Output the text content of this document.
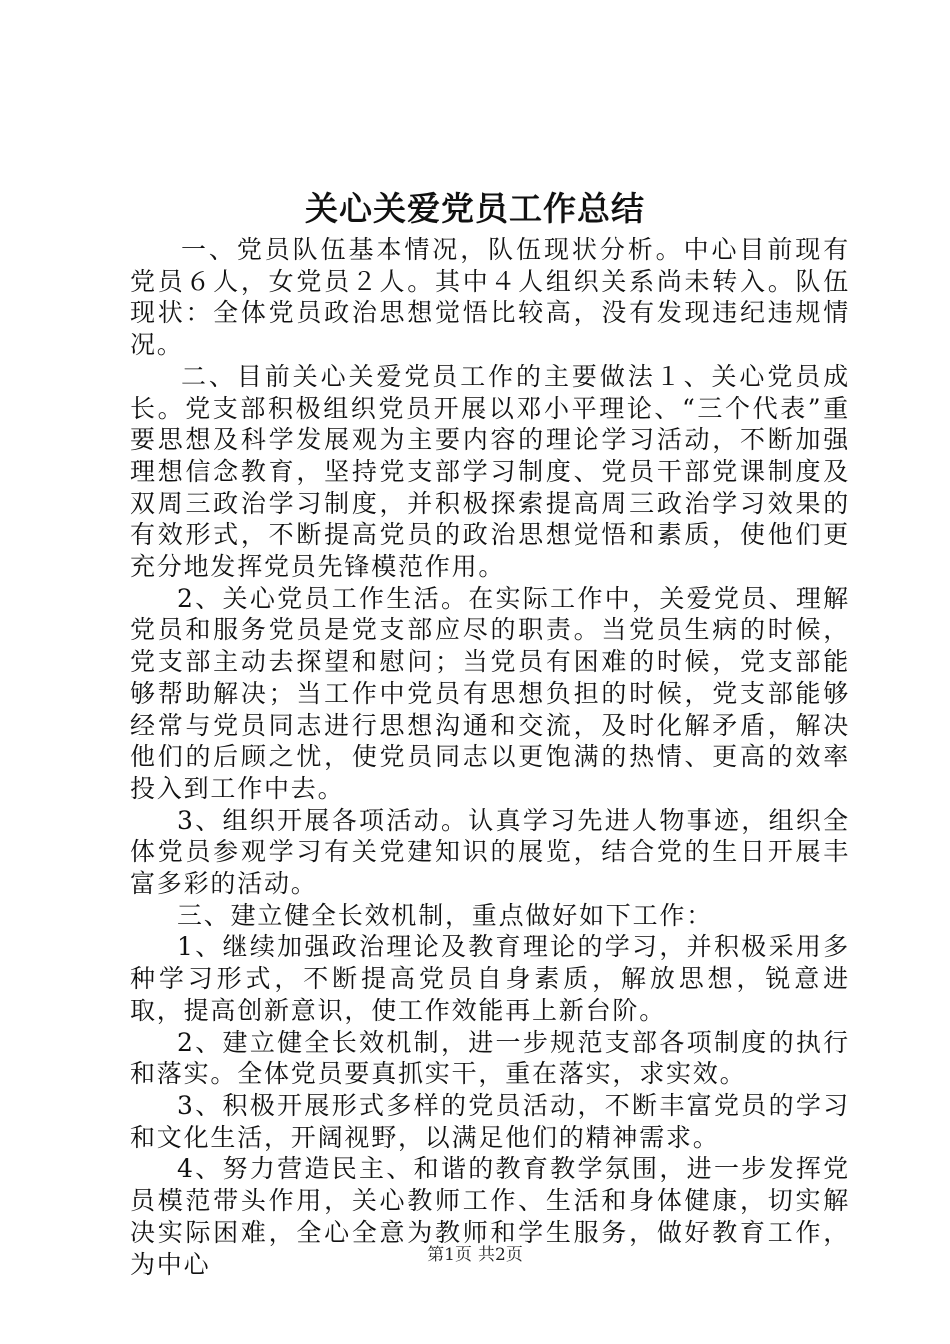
关心关爱党员工作总结

一、党员队伍基本情况，队伍现状分析。中心目前现有党员６人，女党员２人。其中４人组织关系尚未转入。队伍现状：全体党员政治思想觉悟比较高，没有发现违纪违规情况。

二、目前关心关爱党员工作的主要做法１、关心党员成长。党支部积极组织党员开展以邓小平理论、“三个代表”重要思想及科学发展观为主要内容的理论学习活动，不断加强理想信念教育，坚持党支部学习制度、党员干部党课制度及双周三政治学习制度，并积极探索提高周三政治学习效果的有效形式，不断提高党员的政治思想觉悟和素质，使他们更充分地发挥党员先锋模范作用。

2、关心党员工作生活。在实际工作中，关爱党员、理解党员和服务党员是党支部应尽的职责。当党员生病的时候，党支部主动去探望和慰问；当党员有困难的时候，党支部能够帮助解决；当工作中党员有思想负担的时候，党支部能够经常与党员同志进行思想沟通和交流，及时化解矛盾，解决他们的后顾之忧，使党员同志以更饱满的热情、更高的效率投入到工作中去。

3、组织开展各项活动。认真学习先进人物事迹，组织全体党员参观学习有关党建知识的展览，结合党的生日开展丰富多彩的活动。

三、建立健全长效机制，重点做好如下工作：

1、继续加强政治理论及教育理论的学习，并积极采用多种学习形式，不断提高党员自身素质，解放思想，锐意进取，提高创新意识，使工作效能再上新台阶。

2、建立健全长效机制，进一步规范支部各项制度的执行和落实。全体党员要真抓实干，重在落实，求实效。

3、积极开展形式多样的党员活动，不断丰富党员的学习和文化生活，开阔视野，以满足他们的精神需求。

4、努力营造民主、和谐的教育教学氛围，进一步发挥党员模范带头作用，关心教师工作、生活和身体健康，切实解决实际困难，全心全意为教师和学生服务，做好教育工作，为中心	第1页 共2页
